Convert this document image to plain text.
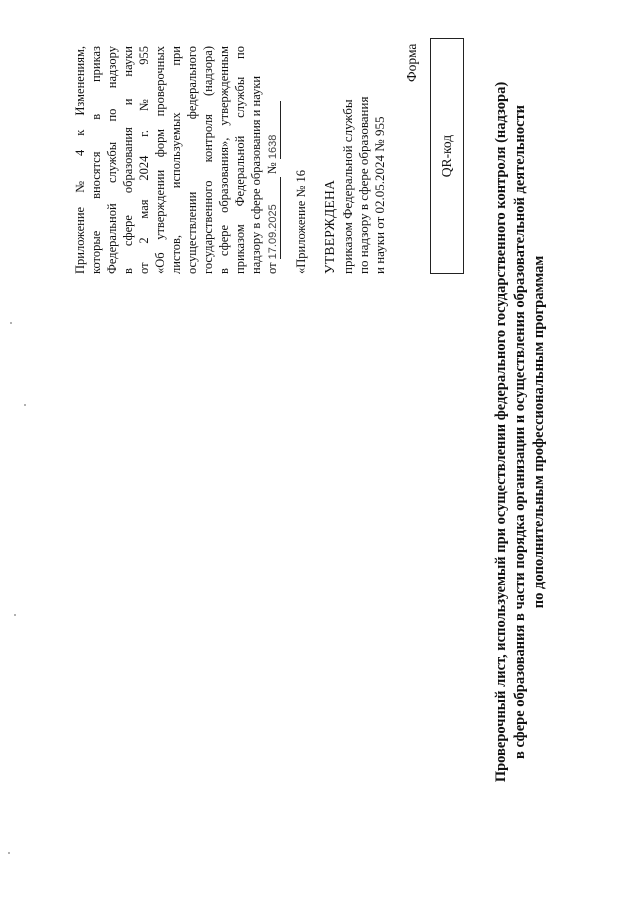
Приложение № 4 к Изменениям, которые вносятся в приказ Федеральной службы по надзору в сфере образования и науки от 2 мая 2024 г. № 955 «Об утверждении форм проверочных листов, используемых при осуществлении федерального государственного контроля (надзора) в сфере образования», утвержденным приказом Федеральной службы по надзору в сфере образования и науки от 17.09.2025 № 1638
«Приложение № 16 УТВЕРЖДЕНА приказом Федеральной службы по надзору в сфере образования и науки от 02.05.2024 № 955
Форма
QR-код	Проверочный лист, используемый при осуществлении федерального государственного контроля (надзора) в сфере образования в части порядка организации и осуществления образовательной деятельности по дополнительным профессиональным программам
